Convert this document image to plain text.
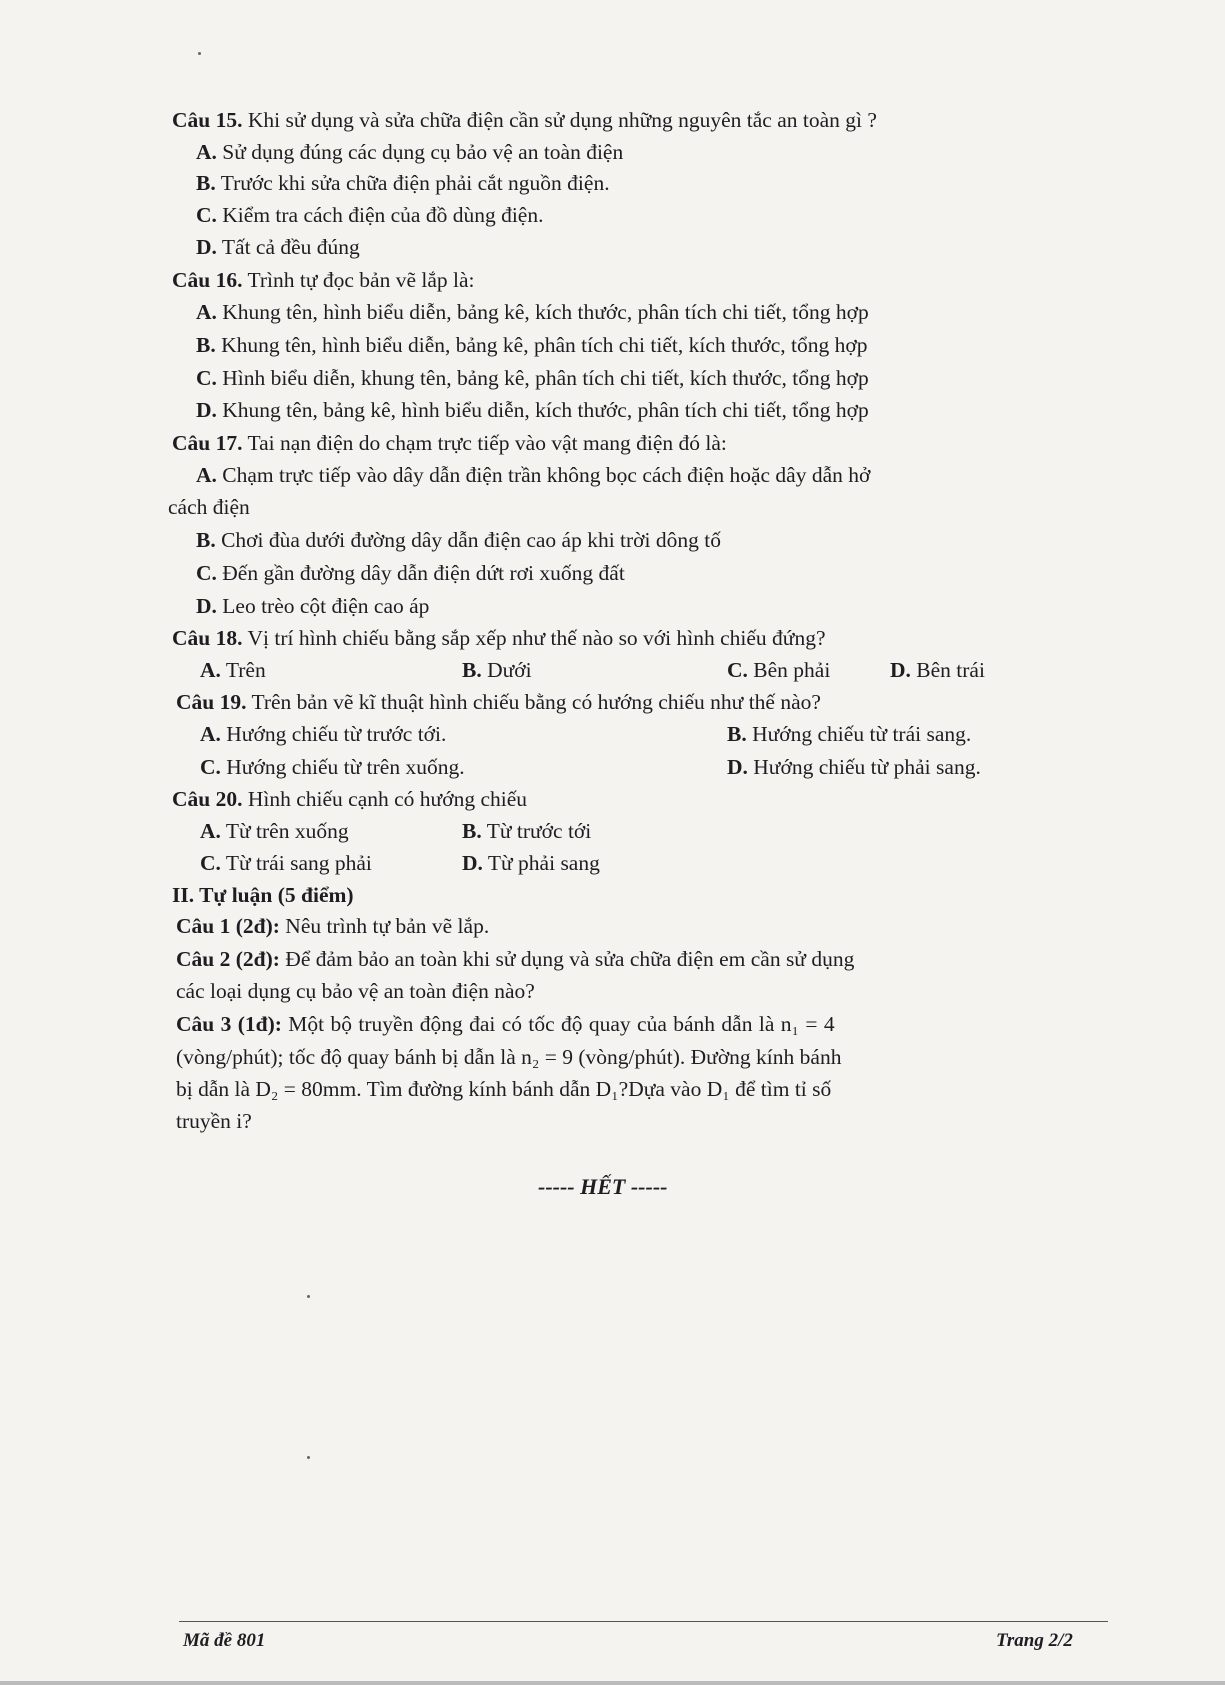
Câu 15. Khi sử dụng và sửa chữa điện cần sử dụng những nguyên tắc an toàn gì ?
A. Sử dụng đúng các dụng cụ bảo vệ an toàn điện
B. Trước khi sửa chữa điện phải cắt nguồn điện.
C. Kiểm tra cách điện của đồ dùng điện.
D. Tất cả đều đúng
Câu 16. Trình tự đọc bản vẽ lắp là:
A. Khung tên, hình biểu diễn, bảng kê, kích thước, phân tích chi tiết, tổng hợp
B. Khung tên, hình biểu diễn, bảng kê, phân tích chi tiết, kích thước, tổng hợp
C. Hình biểu diễn, khung tên, bảng kê, phân tích chi tiết, kích thước, tổng hợp
D. Khung tên, bảng kê, hình biểu diễn, kích thước, phân tích chi tiết, tổng hợp
Câu 17. Tai nạn điện do chạm trực tiếp vào vật mang điện đó là:
A. Chạm trực tiếp vào dây dẫn điện trần không bọc cách điện hoặc dây dẫn hở
cách điện
B. Chơi đùa dưới đường dây dẫn điện cao áp khi trời dông tố
C. Đến gần đường dây dẫn điện dứt rơi xuống đất
D. Leo trèo cột điện cao áp
Câu 18. Vị trí hình chiếu bằng sắp xếp như thế nào so với hình chiếu đứng?
A. Trên	B. Dưới	C. Bên phải	D. Bên trái
Câu 19. Trên bản vẽ kĩ thuật hình chiếu bằng có hướng chiếu như thế nào?
A. Hướng chiếu từ trước tới.	B. Hướng chiếu từ trái sang.
C. Hướng chiếu từ trên xuống.	D. Hướng chiếu từ phải sang.
Câu 20. Hình chiếu cạnh có hướng chiếu
A. Từ trên xuống	B. Từ trước tới
C. Từ trái sang phải	D. Từ phải sang
II. Tự luận (5 điểm)
Câu 1 (2đ): Nêu trình tự bản vẽ lắp.
Câu 2 (2đ): Để đảm bảo an toàn khi sử dụng và sửa chữa điện em cần sử dụng
các loại dụng cụ bảo vệ an toàn điện nào?
Câu 3 (1đ): Một bộ truyền động đai có tốc độ quay của bánh dẫn là n₁ = 4
(vòng/phút); tốc độ quay bánh bị dẫn là n₂ = 9 (vòng/phút). Đường kính bánh
bị dẫn là D₂ = 80mm. Tìm đường kính bánh dẫn D₁?Dựa vào D₁ để tìm tỉ số
truyền i?
----- HẾT -----
Mã đề 801	Trang 2/2
